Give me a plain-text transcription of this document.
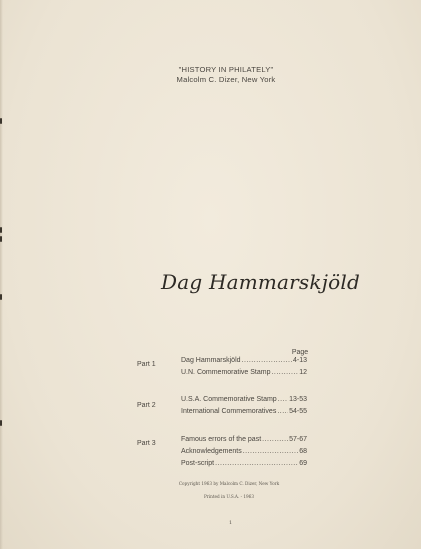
"HISTORY IN PHILATELY"
Malcolm C. Dizer, New York
Dag Hammarskjöld
Page
Part 1
Dag Hammarskjöld .....	4-13
U.N. Commemorative Stamp .....	12
Part 2
U.S.A. Commemorative Stamp ..... 13-53
International Commemoratives ..... 54-55
Part 3
Famous errors of the past .....	57-67
Acknowledgements .....	68
Post-script .....	69
Copyright 1963 by Malcolm C. Dizer, New York
Printed in U.S.A. - 1963
1
